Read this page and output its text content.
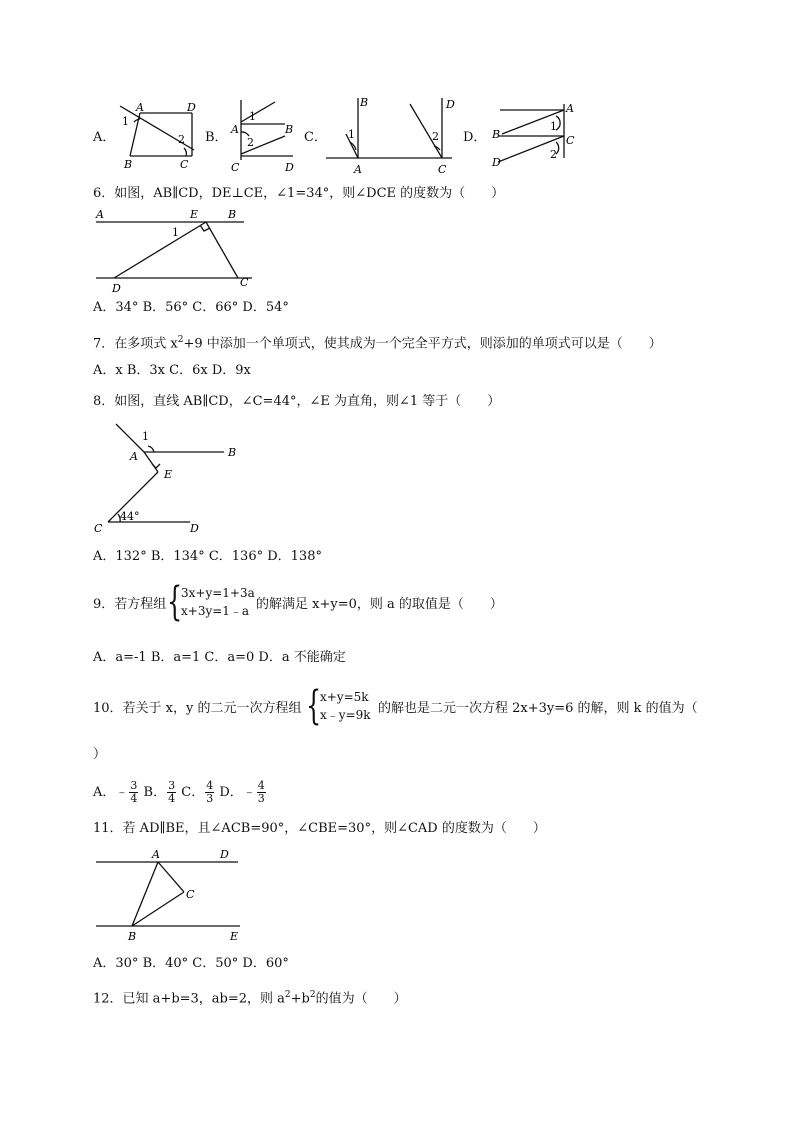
A．
A	D
1
2
B	C
B．
1
A	B
2
C	D
C．
B	D
1	2
A	C
D．
A
B
1
C
2
D
6．如图，AB∥CD，DE⊥CE，∠1=34°，则∠DCE 的度数为（　　）
A	E	B
1
D	C
A．34° B．56° C．66° D．54°
7．在多项式 $x^2+9$ 中添加一个单项式，使其成为一个完全平方式，则添加的单项式可以是（　　）
A．x B．3x C．6x D．9x
8．如图，直线 AB∥CD，∠C=44°，∠E 为直角，则∠1 等于（　　）
1
A	B
E
44°
C	D
A．132° B．134° C．136° D．138°
9．若方程组 {
3x+y=1+3a
x+3y=1﹣a 的解满足 x+y=0，则 a 的取值是（　　）
A．a=-1 B．a=1 C．a=0 D．a 不能确定
10．若关于 x，y 的二元一次方程组 {
x+y=5k
x﹣y=9k 的解也是二元一次方程 2x+3y=6 的解，则 k 的值为（
）
A．﹣ $\frac{3}{4}$ B． $\frac{3}{4}$ C． $\frac{4}{3}$ D．﹣ $\frac{4}{3}$
11．若 AD∥BE，且∠ACB=90°，∠CBE=30°，则∠CAD 的度数为（　　）
A	D
C
B	E
A．30° B．40° C．50° D．60°
12．已知 a+b=3，ab=2，则 $a^2+b^2$的值为（　　）
